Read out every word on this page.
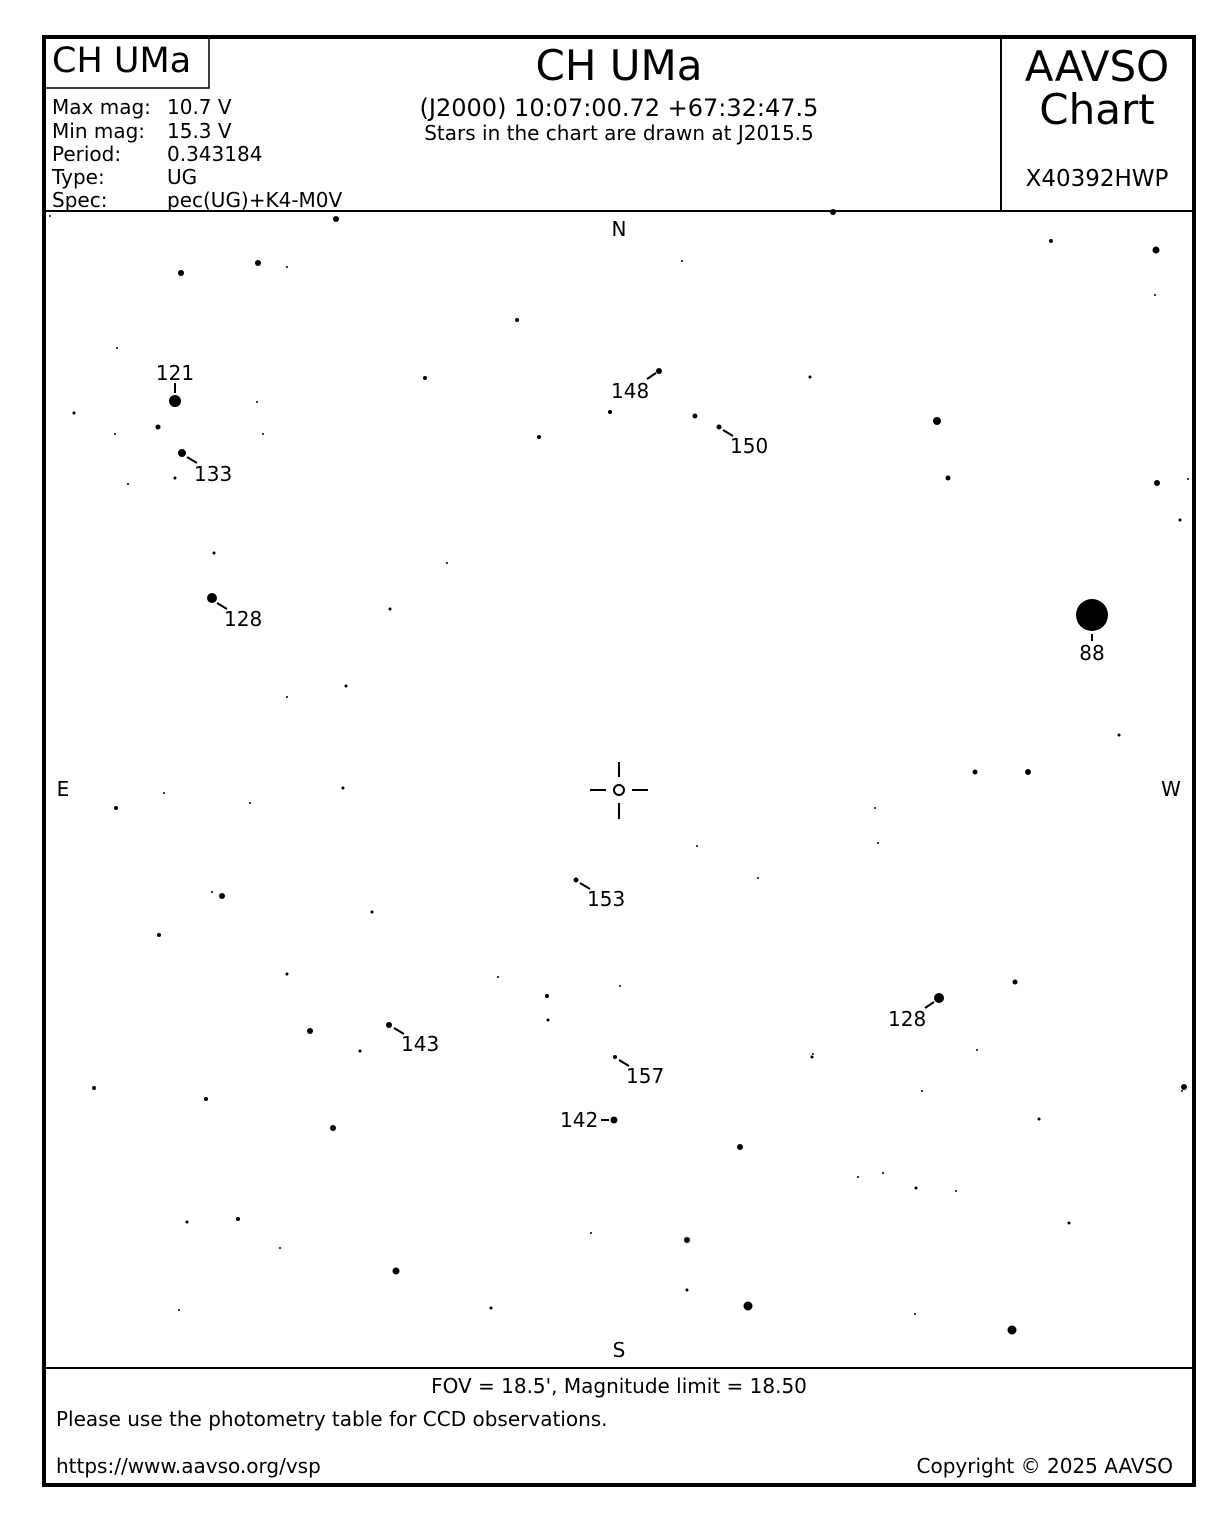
CH UMa	CH UMa
(J2000) 10:07:00.72 +67:32:47.5
Stars in the chart are drawn at J2015.5
AAVSO
Chart
X40392HWP
Max mag: 10.7 V
Min mag: 15.3 V
Period: 0.343184
Type:	UG
Spec:	pec(UG)+K4-M0V
N
S
E	W
121
133
148
150
128
88
153
128
143
157
142
FOV = 18.5', Magnitude limit = 18.50
Please use the photometry table for CCD observations.
https://www.aavso.org/vsp	Copyright © 2025 AAVSO
